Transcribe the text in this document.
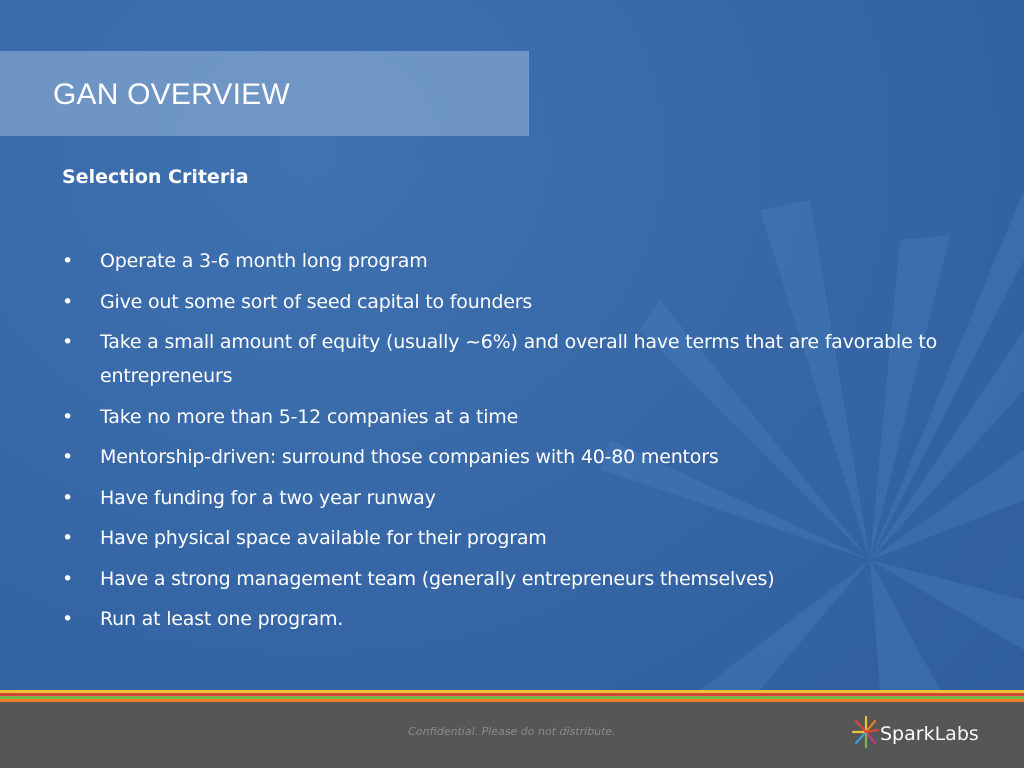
GAN OVERVIEW
Selection Criteria
•	Operate a 3-6 month long program
•	Give out some sort of seed capital to founders
•	Take a small amount of equity (usually ~6%) and overall have terms that are favorable to entrepreneurs
•	Take no more than 5-12 companies at a time
•	Mentorship-driven: surround those companies with 40-80 mentors
•	Have funding for a two year runway
•	Have physical space available for their program
•	Have a strong management team (generally entrepreneurs themselves)
•	Run at least one program.
Confidential. Please do not distribute.	SparkLabs
